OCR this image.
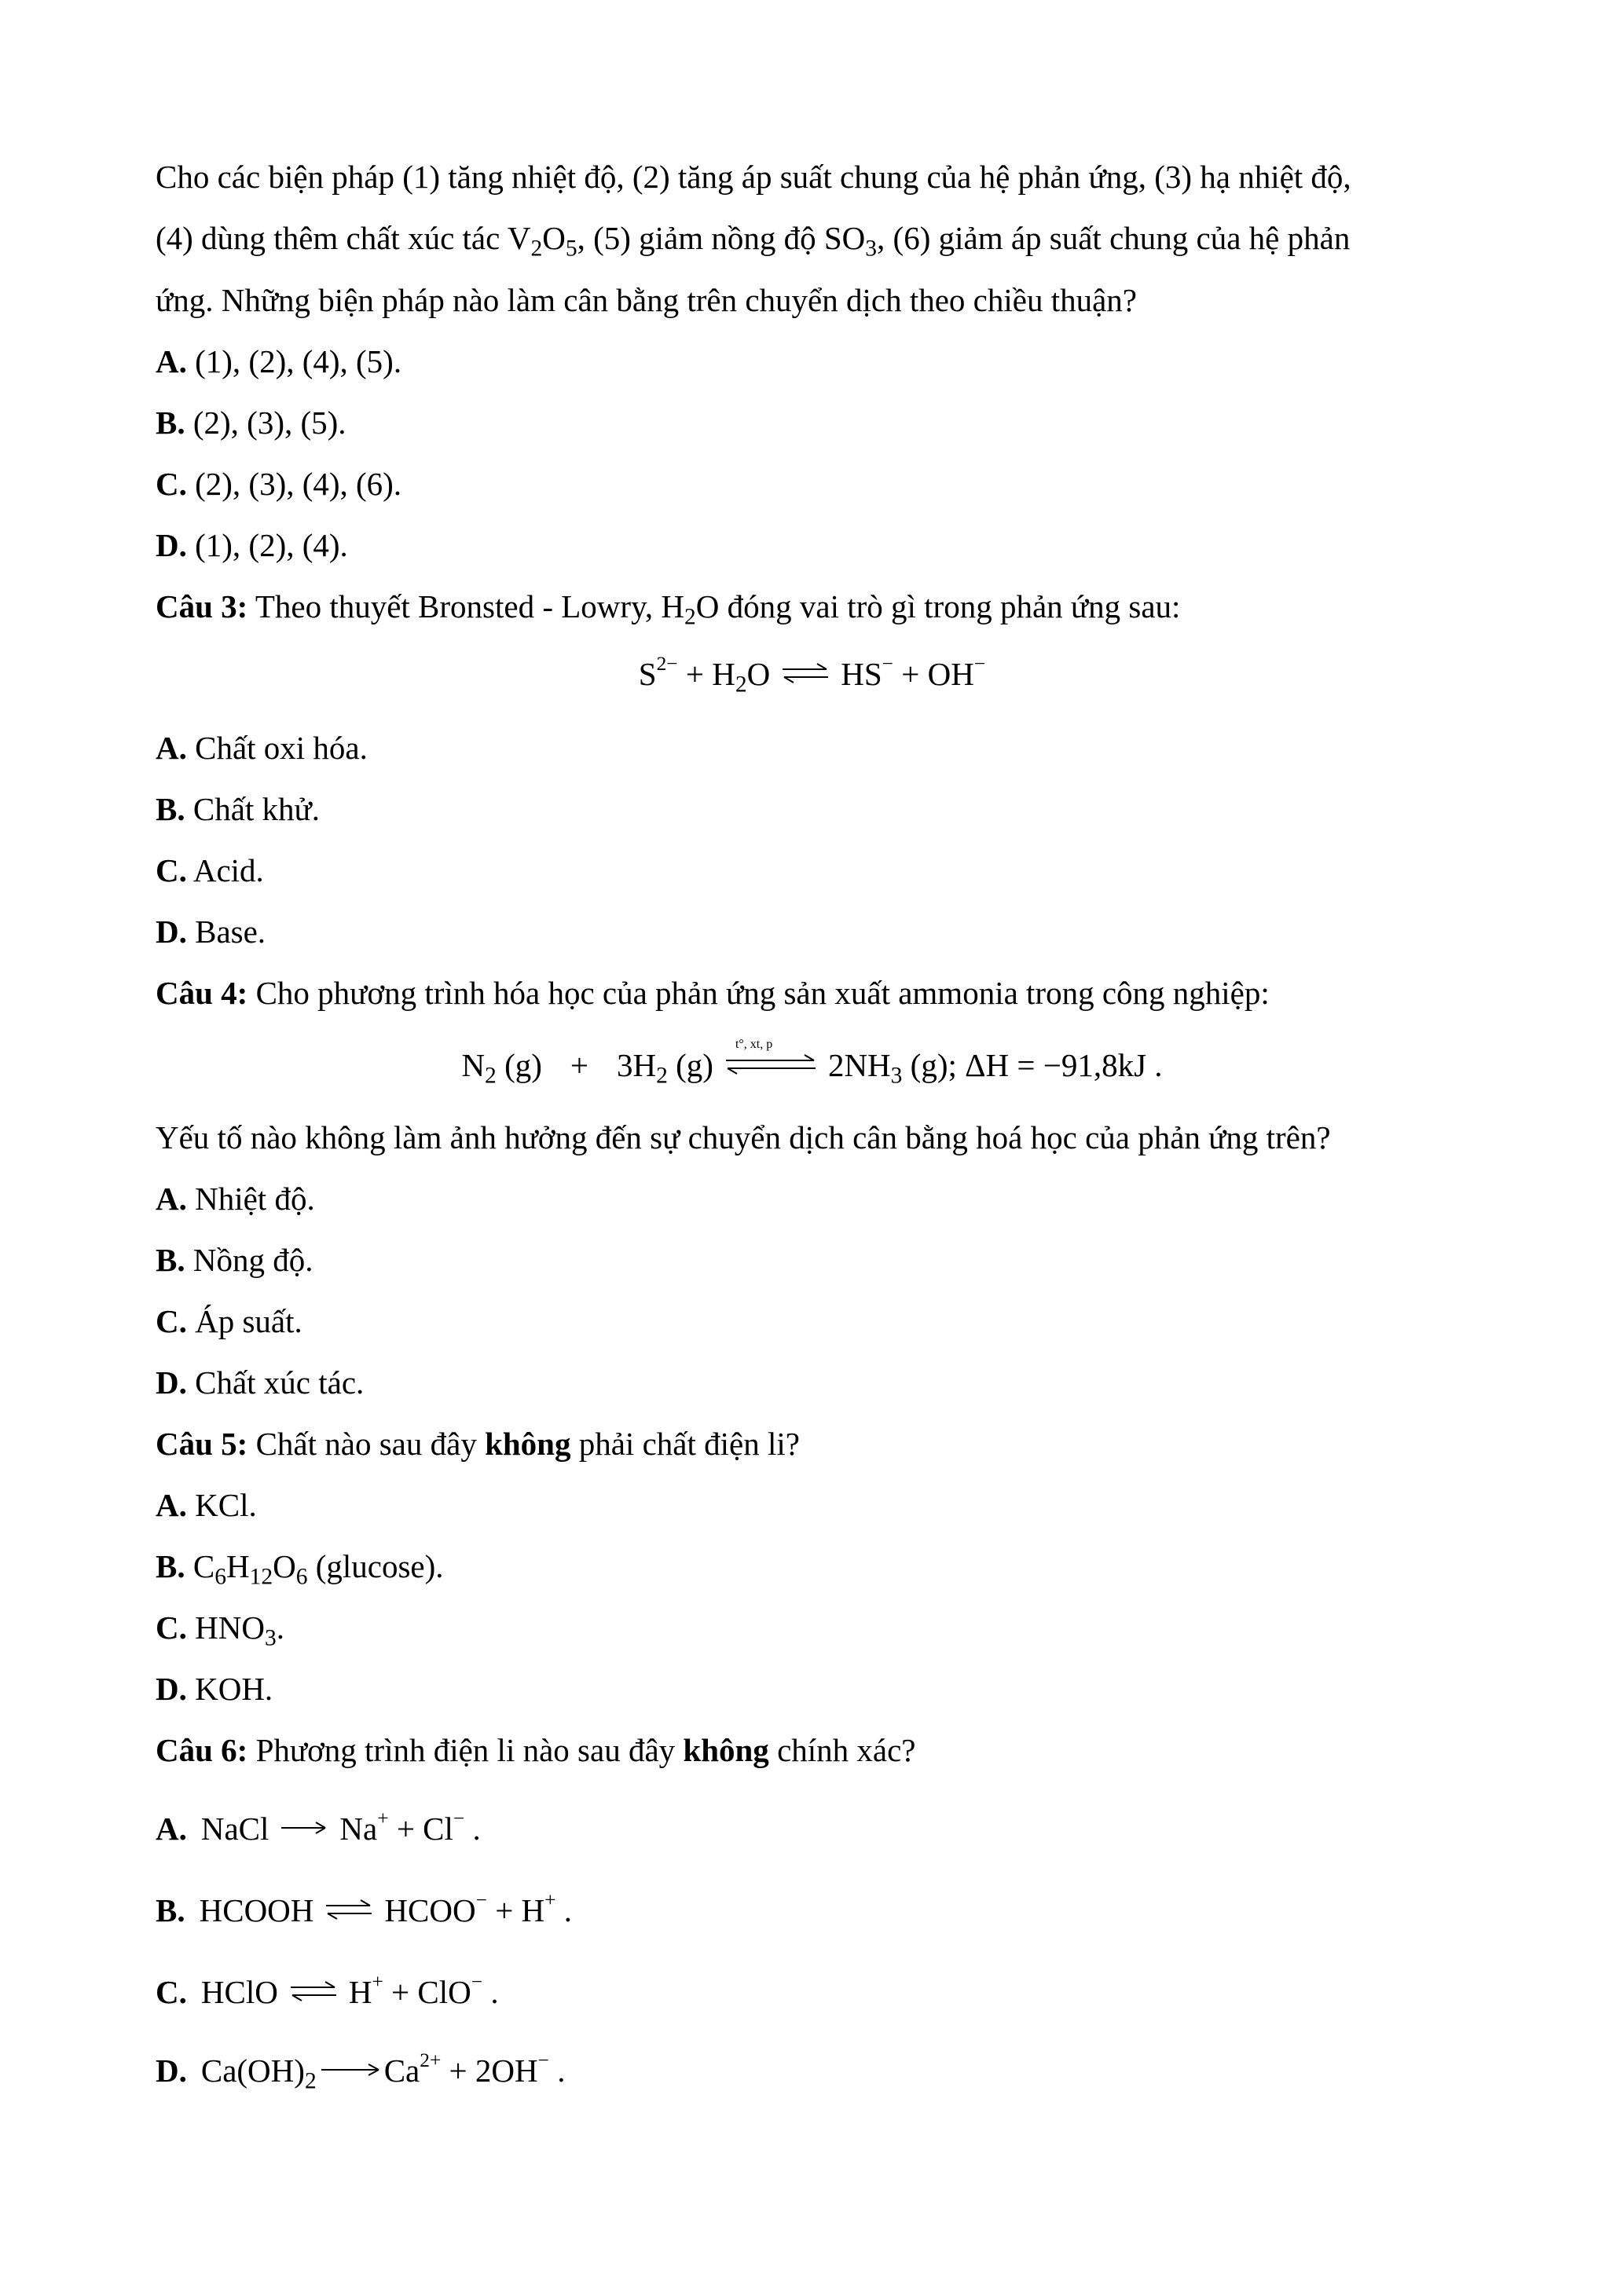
Cho các biện pháp (1) tăng nhiệt độ, (2) tăng áp suất chung của hệ phản ứng, (3) hạ nhiệt độ,
(4) dùng thêm chất xúc tác $V_2O_5$, (5) giảm nồng độ $SO_3$, (6) giảm áp suất chung của hệ phản
ứng. Những biện pháp nào làm cân bằng trên chuyển dịch theo chiều thuận?
A. (1), (2), (4), (5).
B. (2), (3), (5).
C. (2), (3), (4), (6).
D. (1), (2), (4).
Câu 3: Theo thuyết Bronsted - Lowry, $H_2O$ đóng vai trò gì trong phản ứng sau:
$S^{2-} + H_2O$ ⇌ HS− + OH−
A. Chất oxi hóa.
B. Chất khử.
C. Acid.
D. Base.
Câu 4: Cho phương trình hóa học của phản ứng sản xuất ammonia trong công nghiệp:
$N_2$ $(g) + 3H_2$ (g)
t°, xt, p
$2NH_3$ (g); ΔH = −91,8kJ .
Yếu tố nào không làm ảnh hưởng đến sự chuyển dịch cân bằng hoá học của phản ứng trên?
A. Nhiệt độ.
B. Nồng độ.
C. Áp suất.
D. Chất xúc tác.
Câu 5: Chất nào sau đây không phải chất điện li?
A. KCl.
B. $C_6H_{12}O_6$ (glucose).
C. $HNO_3$.
D. KOH.
Câu 6: Phương trình điện li nào sau đây không chính xác?
A. NaCl Na+ + Cl− .
B. HCOOH ⇌ HCOO− + H+ .
C. HClO ⇌ H+ + ClO− .
D. $Ca(OH)_2 \to Ca^{2+} + 2OH^-$ .
